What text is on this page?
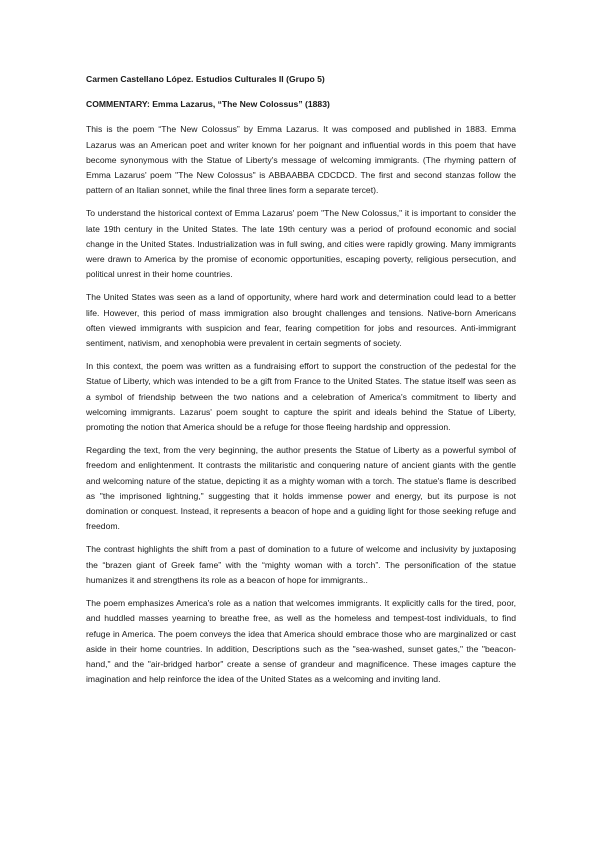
Carmen Castellano López. Estudios Culturales II (Grupo 5)

COMMENTARY: Emma Lazarus, “The New Colossus” (1883)

This is the poem “The New Colossus” by Emma Lazarus. It was composed and published in 1883. Emma Lazarus was an American poet and writer known for her poignant and influential words in this poem that have become synonymous with the Statue of Liberty's message of welcoming immigrants. (The rhyming pattern of Emma Lazarus' poem "The New Colossus" is ABBAABBA CDCDCD. The first and second stanzas follow the pattern of an Italian sonnet, while the final three lines form a separate tercet).

To understand the historical context of Emma Lazarus' poem "The New Colossus," it is important to consider the late 19th century in the United States. The late 19th century was a period of profound economic and social change in the United States. Industrialization was in full swing, and cities were rapidly growing. Many immigrants were drawn to America by the promise of economic opportunities, escaping poverty, religious persecution, and political unrest in their home countries.

The United States was seen as a land of opportunity, where hard work and determination could lead to a better life. However, this period of mass immigration also brought challenges and tensions. Native-born Americans often viewed immigrants with suspicion and fear, fearing competition for jobs and resources. Anti-immigrant sentiment, nativism, and xenophobia were prevalent in certain segments of society.

In this context, the poem was written as a fundraising effort to support the construction of the pedestal for the Statue of Liberty, which was intended to be a gift from France to the United States. The statue itself was seen as a symbol of friendship between the two nations and a celebration of America's commitment to liberty and welcoming immigrants. Lazarus' poem sought to capture the spirit and ideals behind the Statue of Liberty, promoting the notion that America should be a refuge for those fleeing hardship and oppression.

Regarding the text, from the very beginning, the author presents the Statue of Liberty as a powerful symbol of freedom and enlightenment. It contrasts the militaristic and conquering nature of ancient giants with the gentle and welcoming nature of the statue, depicting it as a mighty woman with a torch. The statue's flame is described as "the imprisoned lightning," suggesting that it holds immense power and energy, but its purpose is not domination or conquest. Instead, it represents a beacon of hope and a guiding light for those seeking refuge and freedom.

The contrast highlights the shift from a past of domination to a future of welcome and inclusivity by juxtaposing the “brazen giant of Greek fame” with the “mighty woman with a torch”. The personification of the statue humanizes it and strengthens its role as a beacon of hope for immigrants..

The poem emphasizes America's role as a nation that welcomes immigrants. It explicitly calls for the tired, poor, and huddled masses yearning to breathe free, as well as the homeless and tempest-tost individuals, to find refuge in America. The poem conveys the idea that America should embrace those who are marginalized or cast aside in their home countries. In addition, Descriptions such as the "sea-washed, sunset gates," the "beacon-hand," and the "air-bridged harbor" create a sense of grandeur and magnificence. These images capture the imagination and help reinforce the idea of the United States as a welcoming and inviting land.
